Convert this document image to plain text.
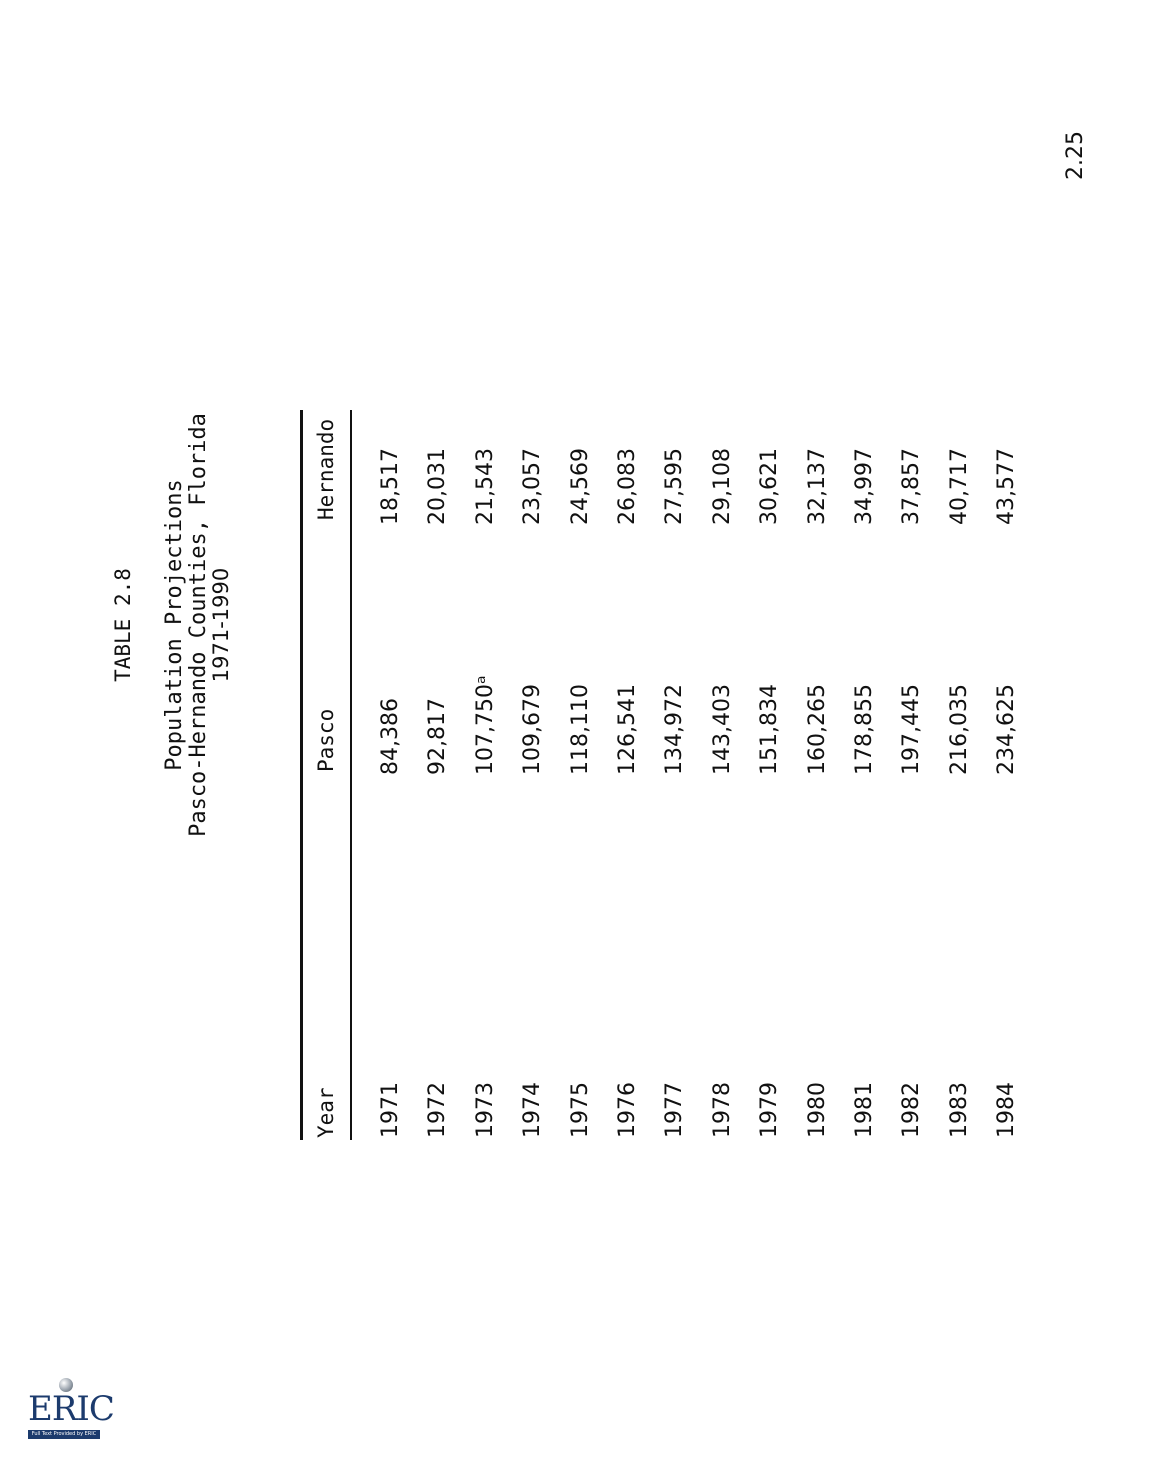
TABLE 2.8 Population Projections Pasco-Hernando Counties, Florida
1971-1990
Year
Pasco
Hernando
1971
84,386
18,517
1972
92,817
20,031
1973
107,750ᵃ
21,543
1974
109,679
23,057
1975
118,110
24,569
1976
126,541
26,083
1977
134,972
27,595
1978
143,403
29,108
1979
151,834
30,621
1980
160,265
32,137
1981
178,855
34,997
1982
197,445
37,857
1983
216,035
40,717
1984
234,625
43,577
2.25
ERIC
Full Text Provided by ERIC
